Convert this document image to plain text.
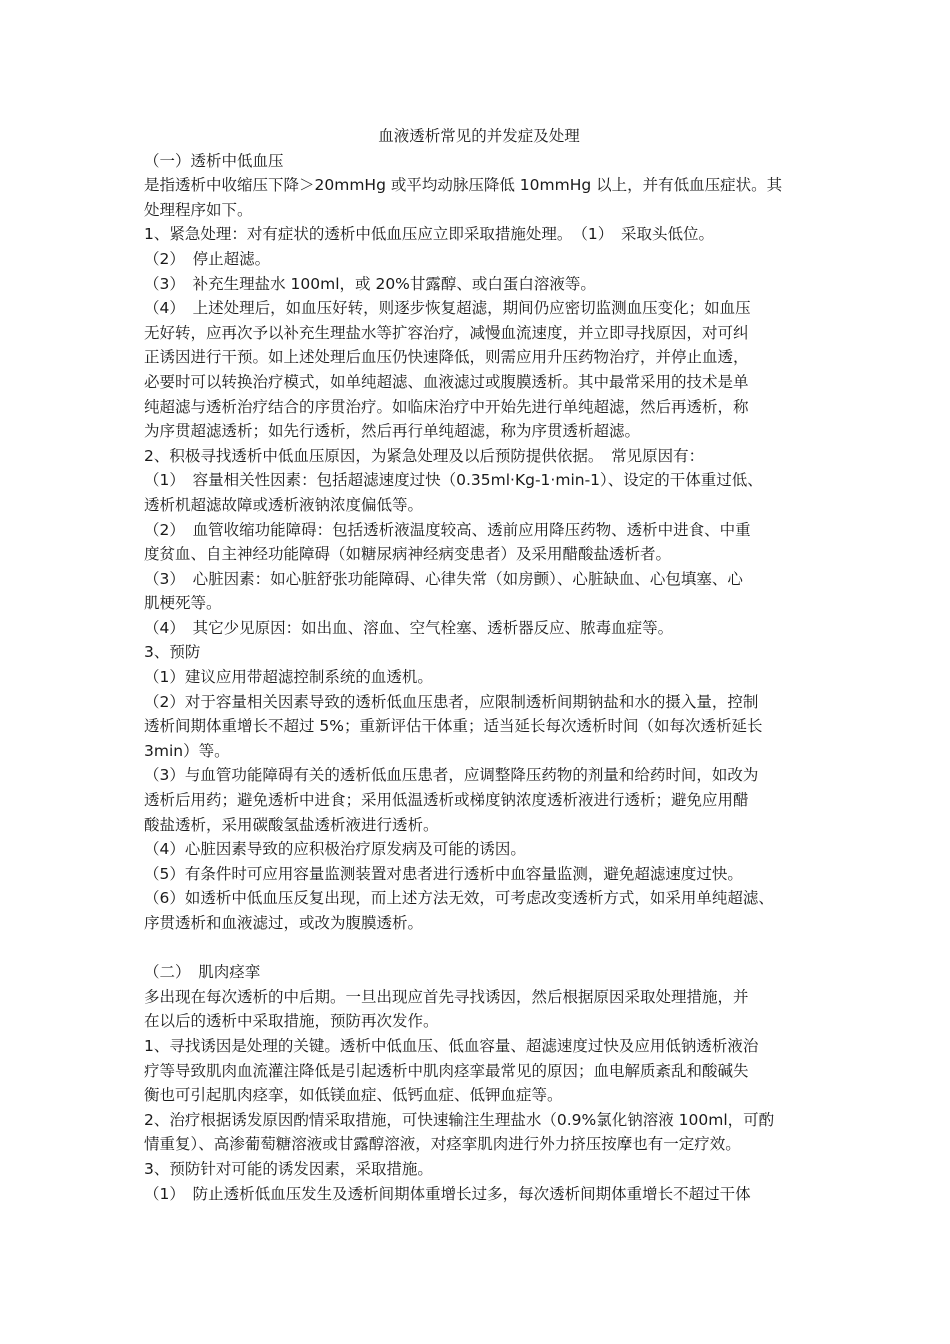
血液透析常见的并发症及处理
（一）透析中低血压
是指透析中收缩压下降＞20mmHg 或平均动脉压降低 10mmHg 以上，并有低血压症状。其
处理程序如下。
1、紧急处理：对有症状的透析中低血压应立即采取措施处理。　（1）　采取头低位。
（2）　停止超滤。
（3）　补充生理盐水 100ml，或 20%甘露醇、或白蛋白溶液等。
（4）　上述处理后，如血压好转，则逐步恢复超滤，期间仍应密切监测血压变化；如血压
无好转，应再次予以补充生理盐水等扩容治疗，减慢血流速度，并立即寻找原因，对可纠
正诱因进行干预。如上述处理后血压仍快速降低，则需应用升压药物治疗，并停止血透，
必要时可以转换治疗模式，如单纯超滤、血液滤过或腹膜透析。其中最常采用的技术是单
纯超滤与透析治疗结合的序贯治疗。如临床治疗中开始先进行单纯超滤，然后再透析，称
为序贯超滤透析；如先行透析，然后再行单纯超滤，称为序贯透析超滤。
2、积极寻找透析中低血压原因，为紧急处理及以后预防提供依据。　常见原因有：
（1）　容量相关性因素：包括超滤速度过快（0.35ml·Kg-1·min-1）、设定的干体重过低、
透析机超滤故障或透析液钠浓度偏低等。
（2）　血管收缩功能障碍：包括透析液温度较高、透前应用降压药物、透析中进食、中重
度贫血、自主神经功能障碍（如糖尿病神经病变患者）及采用醋酸盐透析者。
（3）　心脏因素：如心脏舒张功能障碍、心律失常（如房颤）、心脏缺血、心包填塞、心
肌梗死等。
（4）　其它少见原因：如出血、溶血、空气栓塞、透析器反应、脓毒血症等。
3、预防
（1）建议应用带超滤控制系统的血透机。
（2）对于容量相关因素导致的透析低血压患者，应限制透析间期钠盐和水的摄入量，控制
透析间期体重增长不超过 5%；重新评估干体重；适当延长每次透析时间（如每次透析延长
3min）等。
（3）与血管功能障碍有关的透析低血压患者，应调整降压药物的剂量和给药时间，如改为
透析后用药；避免透析中进食；采用低温透析或梯度钠浓度透析液进行透析；避免应用醋
酸盐透析，采用碳酸氢盐透析液进行透析。
（4）心脏因素导致的应积极治疗原发病及可能的诱因。
（5）有条件时可应用容量监测装置对患者进行透析中血容量监测，避免超滤速度过快。
（6）如透析中低血压反复出现，而上述方法无效，可考虑改变透析方式，如采用单纯超滤、
序贯透析和血液滤过，或改为腹膜透析。
（二）　肌肉痉挛
多出现在每次透析的中后期。一旦出现应首先寻找诱因，然后根据原因采取处理措施，并
在以后的透析中采取措施，预防再次发作。
1、寻找诱因是处理的关键。透析中低血压、低血容量、超滤速度过快及应用低钠透析液治
疗等导致肌肉血流灌注降低是引起透析中肌肉痉挛最常见的原因；血电解质紊乱和酸碱失
衡也可引起肌肉痉挛，如低镁血症、低钙血症、低钾血症等。
2、治疗根据诱发原因酌情采取措施，可快速输注生理盐水（0.9%氯化钠溶液 100ml，可酌
情重复）、高渗葡萄糖溶液或甘露醇溶液，对痉挛肌肉进行外力挤压按摩也有一定疗效。
3、预防针对可能的诱发因素，采取措施。
（1）　防止透析低血压发生及透析间期体重增长过多，每次透析间期体重增长不超过干体
